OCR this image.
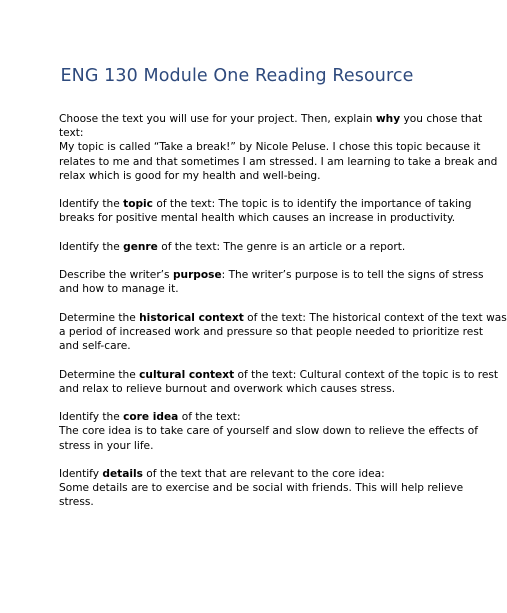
ENG 130 Module One Reading Resource
Choose the text you will use for your project. Then, explain why you chose that
text:
My topic is called “Take a break!” by Nicole Peluse. I chose this topic because it
relates to me and that sometimes I am stressed. I am learning to take a break and
relax which is good for my health and well-being.
Identify the topic of the text: The topic is to identify the importance of taking
breaks for positive mental health which causes an increase in productivity.
Identify the genre of the text: The genre is an article or a report.
Describe the writer’s purpose: The writer’s purpose is to tell the signs of stress
and how to manage it.
Determine the historical context of the text: The historical context of the text was
a period of increased work and pressure so that people needed to prioritize rest
and self-care.
Determine the cultural context of the text: Cultural context of the topic is to rest
and relax to relieve burnout and overwork which causes stress.
Identify the core idea of the text:
The core idea is to take care of yourself and slow down to relieve the effects of
stress in your life.
Identify details of the text that are relevant to the core idea:
Some details are to exercise and be social with friends. This will help relieve
stress.
